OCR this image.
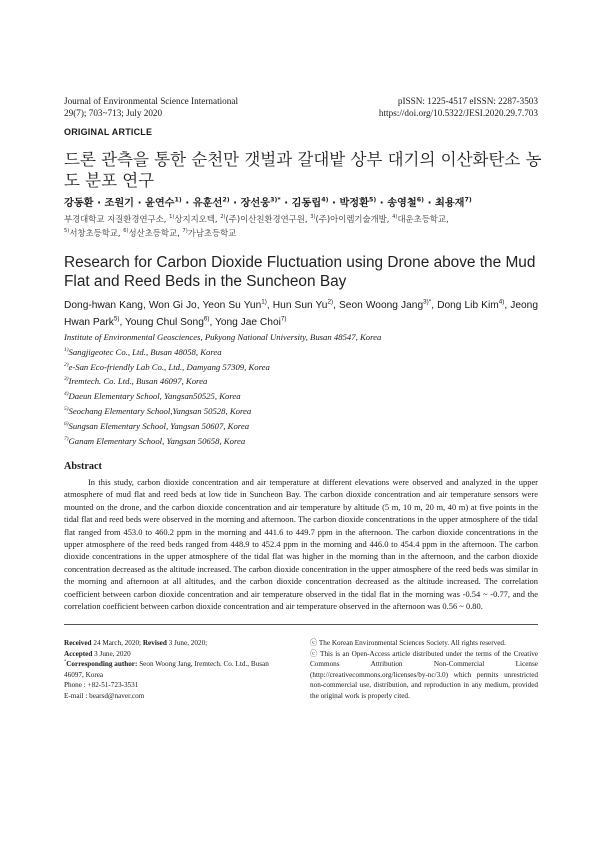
Journal of Environmental Science International
29(7); 703~713; July 2020
pISSN: 1225-4517 eISSN: 2287-3503
https://doi.org/10.5322/JESI.2020.29.7.703
ORIGINAL ARTICLE
드론 관측을 통한 순천만 갯벌과 갈대밭 상부 대기의 이산화탄소 농도 분포 연구
강동환 · 조원기 · 윤연수$^{1)}$ · 유훈선$^{2)}$ · 장선웅$^{3)*}$ · 김동립$^{4)}$ · 박정환$^{5)}$ · 송영철$^{6)}$ · 최용재$^{7)}$
부경대학교 지질환경연구소, $^{1)}$상지지오텍, $^{2)}$(주)이산친환경연구원, $^{3)}$(주)아이렘기술개발, $^{4)}$대운초등학교,
$^{5)}$서창초등학교, $^{6)}$성산초등학교, $^{7)}$가남초등학교
Research for Carbon Dioxide Fluctuation using Drone above the Mud Flat and Reed Beds in the Suncheon Bay
Dong-hwan Kang, Won Gi Jo, Yeon Su Yun$^{1)}$, Hun Sun Yu$^{2)}$, Seon Woong Jang$^{3)*}$, Dong Lib Kim$^{4)}$, Jeong Hwan Park$^{5)}$, Young Chul Song$^{6)}$, Yong Jae Choi$^{7)}$
Institute of Environmental Geosciences, Pukyong National University, Busan 48547, Korea
$^{1)}$Sangjigeotec Co., Ltd., Busan 48058, Korea
$^{2)}$e-San Eco-friendly Lab Co., Ltd., Damyang 57309, Korea
$^{3)}$Iremtech. Co. Ltd., Busan 46097, Korea
$^{4)}$Daeun Elementary School, Yangsan50525, Korea
$^{5)}$Seochang Elementary School,Yangsan 50528, Korea
$^{6)}$Sungsan Elementary School, Yangsan 50607, Korea
$^{7)}$Ganam Elementary School, Yangsan 50658, Korea
Abstract
In this study, carbon dioxide concentration and air temperature at different elevations were observed and analyzed in the upper atmosphere of mud flat and reed beds at low tide in Suncheon Bay. The carbon dioxide concentration and air temperature sensors were mounted on the drone, and the carbon dioxide concentration and air temperature by altitude (5 m, 10 m, 20 m, 40 m) at five points in the tidal flat and reed beds were observed in the morning and afternoon. The carbon dioxide concentrations in the upper atmosphere of the tidal flat ranged from 453.0 to 460.2 ppm in the morning and 441.6 to 449.7 ppm in the afternoon. The carbon dioxide concentrations in the upper atmosphere of the reed beds ranged from 448.9 to 452.4 ppm in the morning and 446.0 to 454.4 ppm in the afternoon. The carbon dioxide concentrations in the upper atmosphere of the tidal flat was higher in the morning than in the afternoon, and the carbon dioxide concentration decreased as the altitude increased. The carbon dioxide concentration in the upper atmosphere of the reed beds was similar in the morning and afternoon at all altitudes, and the carbon dioxide concentration decreased as the altitude increased. The correlation coefficient between carbon dioxide concentration and air temperature observed in the tidal flat in the morning was -0.54 ~ -0.77, and the correlation coefficient between carbon dioxide concentration and air temperature observed in the afternoon was 0.56 ~ 0.80.
Received 24 March, 2020; Revised 3 June, 2020;
Accepted 3 June, 2020
*Corresponding author: Seon Woong Jang, Iremtech. Co. Ltd., Busan 46097, Korea
Phone : +82-51-723-3531
E-mail : bearsd@naver.com
ⓒ The Korean Environmental Sciences Society. All rights reserved.
ⓒ This is an Open-Access article distributed under the terms of the Creative Commons Attribution Non-Commercial License (http://creativecommons.org/licenses/by-nc/3.0) which permits unrestricted non-commercial use, distribution, and reproduction in any medium, provided the original work is properly cited.
